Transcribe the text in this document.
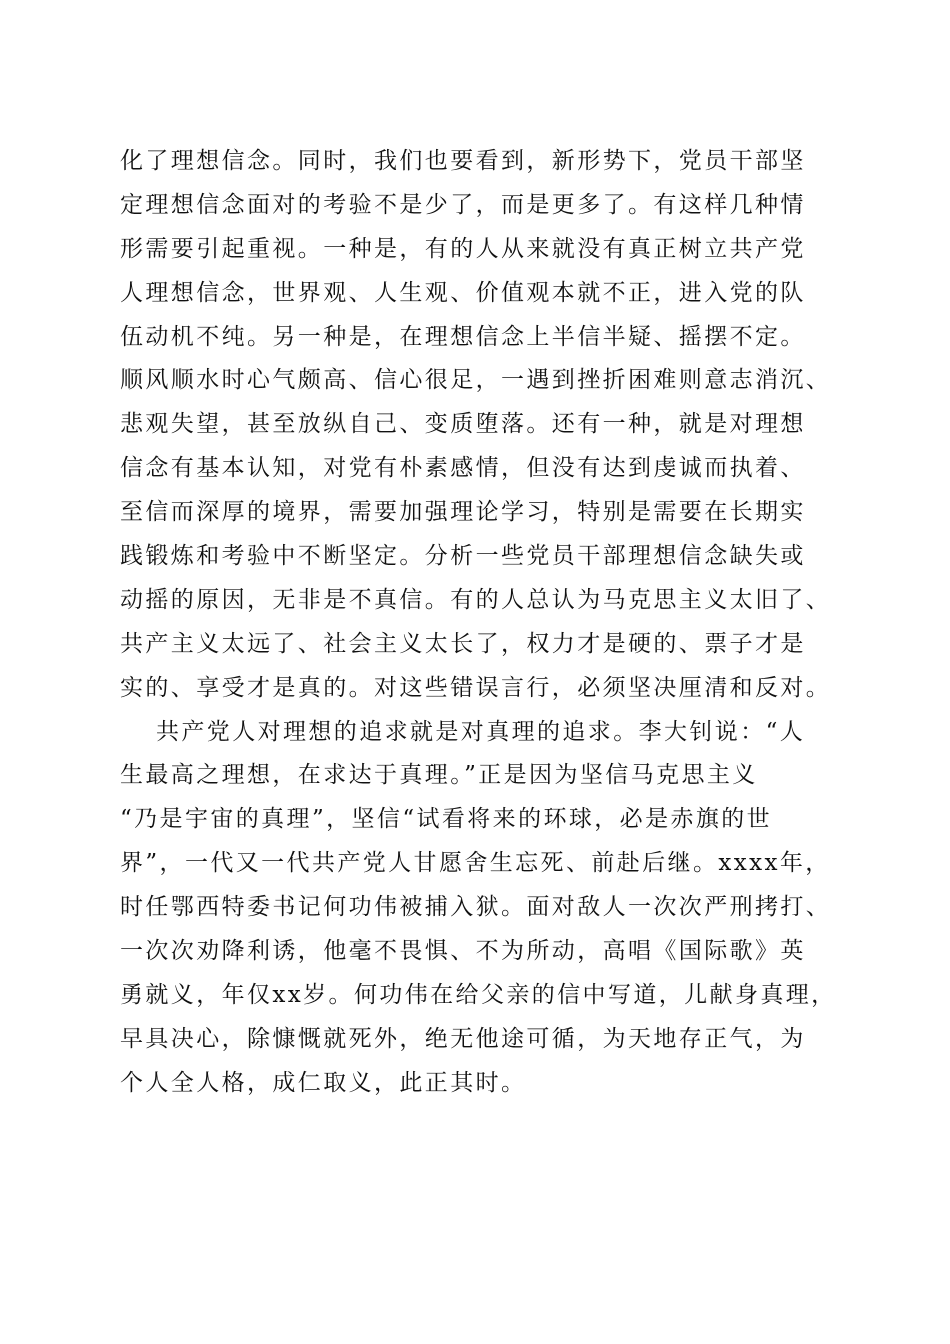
化了理想信念。同时，我们也要看到，新形势下，党员干部坚
定理想信念面对的考验不是少了，而是更多了。有这样几种情
形需要引起重视。一种是，有的人从来就没有真正树立共产党
人理想信念，世界观、人生观、价值观本就不正，进入党的队
伍动机不纯。另一种是，在理想信念上半信半疑、摇摆不定。
顺风顺水时心气颇高、信心很足，一遇到挫折困难则意志消沉、
悲观失望，甚至放纵自己、变质堕落。还有一种，就是对理想
信念有基本认知，对党有朴素感情，但没有达到虔诚而执着、
至信而深厚的境界，需要加强理论学习，特别是需要在长期实
践锻炼和考验中不断坚定。分析一些党员干部理想信念缺失或
动摇的原因，无非是不真信。有的人总认为马克思主义太旧了、
共产主义太远了、社会主义太长了，权力才是硬的、票子才是
实的、享受才是真的。对这些错误言行，必须坚决厘清和反对。
共产党人对理想的追求就是对真理的追求。李大钊说：“人
生最高之理想，在求达于真理。”正是因为坚信马克思主义
“乃是宇宙的真理”，坚信“试看将来的环球，必是赤旗的世
界”，一代又一代共产党人甘愿舍生忘死、前赴后继。xxxx年，
时任鄂西特委书记何功伟被捕入狱。面对敌人一次次严刑拷打、
一次次劝降利诱，他毫不畏惧、不为所动，高唱《国际歌》英
勇就义，年仅xx岁。何功伟在给父亲的信中写道，儿献身真理，
早具决心，除慷慨就死外，绝无他途可循，为天地存正气，为
个人全人格，成仁取义，此正其时。
